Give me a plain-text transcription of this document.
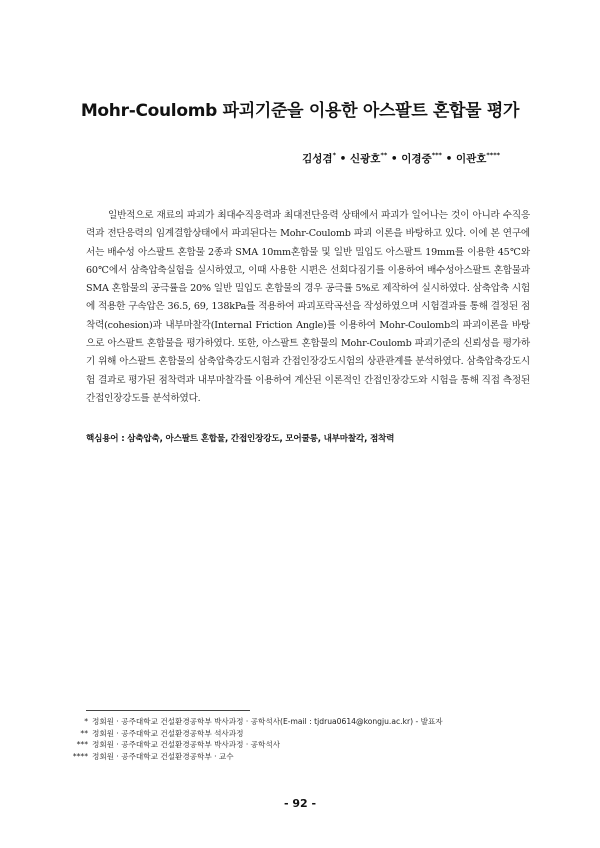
Mohr-Coulomb 파괴기준을 이용한 아스팔트 혼합물 평가
김성겸* • 신광호** • 이경중*** • 이관호****

일반적으로 재료의 파괴가 최대수직응력과 최대전단응력 상태에서 파괴가 일어나는 것이 아니라 수직응력과 전단응력의 임계결합상태에서 파괴된다는 Mohr-Coulomb 파괴 이론을 바탕하고 있다. 이에 본 연구에서는 배수성 아스팔트 혼합물 2종과 SMA 10mm혼합물 및 일반 밀입도 아스팔트 19mm를 이용한 45℃와 60℃에서 삼축압축실험을 실시하였고, 이때 사용한 시편은 선회다짐기를 이용하여 배수성아스팔트 혼합물과 SMA 혼합물의 공극률을 20% 일반 밀입도 혼합물의 경우 공극률 5%로 제작하여 실시하였다. 삼축압축 시험에 적용한 구속압은 36.5, 69, 138kPa를 적용하여 파괴포락곡선을 작성하였으며 시험결과를 통해 결정된 점착력(cohesion)과 내부마찰각(Internal Friction Angle)를 이용하여 Mohr-Coulomb의 파괴이론을 바탕으로 아스팔트 혼합물을 평가하였다. 또한, 아스팔트 혼합물의 Mohr-Coulomb 파괴기준의 신뢰성을 평가하기 위해 아스팔트 혼합물의 삼축압축강도시험과 간접인장강도시험의 상관관계를 분석하였다. 삼축압축강도시험 결과로 평가된 점착력과 내부마찰각를 이용하여 계산된 이론적인 간접인장강도와 시험을 통해 직접 측정된 간접인장강도를 분석하였다.

핵심용어 : 삼축압축, 아스팔트 혼합물, 간접인장강도, 모어쿨롱, 내부마찰각, 점착력
* 정회원 · 공주대학교 건설환경공학부 박사과정 · 공학석사(E-mail : tjdrua0614@kongju.ac.kr) - 발표자
** 정회원 · 공주대학교 건설환경공학부 석사과정
*** 정회원 · 공주대학교 건설환경공학부 박사과정 · 공학석사
**** 정회원 · 공주대학교 건설환경공학부 · 교수
- 92 -
